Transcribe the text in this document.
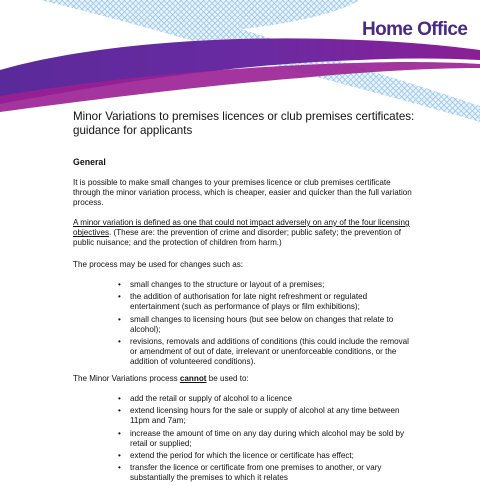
Home Office
Minor Variations to premises licences or club premises certificates: guidance for applicants
General

It is possible to make small changes to your premises licence or club premises certificate through the minor variation process, which is cheaper, easier and quicker than the full variation process.

A minor variation is defined as one that could not impact adversely on any of the four licensing objectives. (These are: the prevention of crime and disorder; public safety; the prevention of public nuisance; and the protection of children from harm.)

The process may be used for changes such as:

• small changes to the structure or layout of a premises;
• the addition of authorisation for late night refreshment or regulated entertainment (such as performance of plays or film exhibitions);
• small changes to licensing hours (but see below on changes that relate to alcohol);
• revisions, removals and additions of conditions (this could include the removal or amendment of out of date, irrelevant or unenforceable conditions, or the addition of volunteered conditions).

The Minor Variations process cannot be used to:

• add the retail or supply of alcohol to a licence
• extend licensing hours for the sale or supply of alcohol at any time between 11pm and 7am;
• increase the amount of time on any day during which alcohol may be sold by retail or supplied;
• extend the period for which the licence or certificate has effect;
• transfer the licence or certificate from one premises to another, or vary substantially the premises to which it relates
